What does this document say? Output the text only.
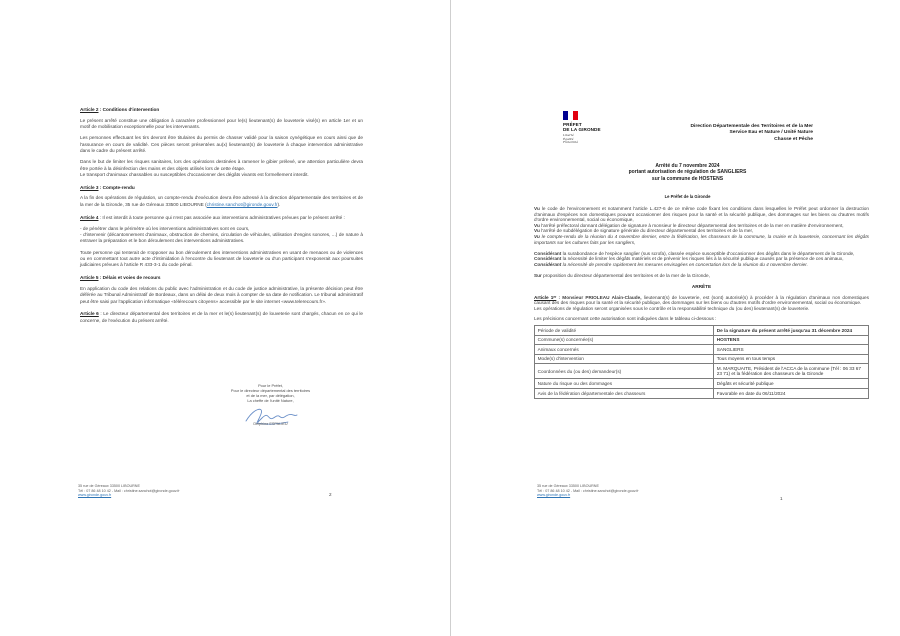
Article 2 : Conditions d'intervention

Le présent arrêté constitue une obligation à caractère professionnel pour le(s) lieutenant(s) de louveterie visé(s) en article 1er et un motif de mobilisation exceptionnelle pour les intervenants.

Les personnes effectuant les tirs devront être titulaires du permis de chasser validé pour la saison cynégétique en cours ainsi que de l'assurance en cours de validité. Ces pièces seront présentées au(x) lieutenant(s) de louveterie à chaque intervention administrative dans le cadre du présent arrêté.

Dans le but de limiter les risques sanitaires, lors des opérations destinées à ramener le gibier prélevé, une attention particulière devra être portée à la désinfection des mains et des objets utilisés lors de cette étape.

Le transport d'animaux chassables ou susceptibles d'occasionner des dégâts vivants est formellement interdit.

Article 3 : Compte-rendu

A la fin des opérations de régulation, un compte-rendu d'exécution devra être adressé à la direction départementale des territoires et de la mer de la Gironde, 35 rue de Géreaux 33500 LIBOURNE (christine.sanchot@gironde.gouv.fr).

Article 4 : Il est interdit à toute personne qui n'est pas associée aux interventions administratives prévues par le présent arrêté :

- de pénétrer dans le périmètre où les interventions administratives sont en cours,

- d'intervenir (décantonnement d'animaux, obstruction de chemins, circulation de véhicules, utilisation d'engins sonores, ...) de nature à entraver la préparation et le bon déroulement des interventions administratives.

Toute personne qui tenterait de s'opposer au bon déroulement des interventions administratives en usant de menaces ou de violences ou en commettant tout autre acte d'intimidation à l'encontre du lieutenant de louveterie ou d'un participant s'exposerait aux poursuites judiciaires prévues à l'article R 433-3-1 du code pénal.

Article 5 : Délais et voies de recours

En application du code des relations du public avec l'administration et du code de justice administrative, la présente décision peut être déférée au Tribunal Administratif de Bordeaux, dans un délai de deux mois à compter de sa date de notification. Le tribunal administratif peut être saisi par l'application informatique «télérecours citoyens» accessible par le site internet «www.telerecours.fr».

Article 6 : Le directeur départemental des territoires et de la mer et le(s) lieutenant(s) de louveterie sont chargés, chacun en ce qui le concerne, de l'exécution du présent arrêté.

Pour le Préfet,
Pour le directeur départemental des territoires
et de la mer, par délégation,
La cheffe de l'unité Nature,
Delphine ESPALIEU
35 rue de Géreaux 33500 LIBOURNE
Tél : 07 86 48 10 42 - Mail : christine.sanchot@gironde.gouv.fr
www.gironde.gouv.fr	2
PRÉFET
DE LA GIRONDE
Liberté
Égalité
Fraternité
Direction Départementale des Territoires et de la Mer
Service Eau et Nature / Unité Nature
Chasse et Pêche
Arrêté du 7 novembre 2024
portant autorisation de régulation de SANGLIERS
sur la commune de HOSTENS
Le Préfet de la Gironde

Vu le code de l'environnement et notamment l'article L.427-6 de ce même code fixant les conditions dans lesquelles le Préfet peut ordonner la destruction d'animaux d'espèces non domestiques pouvant occasionner des risques pour la santé et la sécurité publique, des dommages sur les biens ou d'autres motifs d'ordre environnemental, social ou économique,

Vu l'arrêté préfectoral donnant délégation de signature à monsieur le directeur départemental des territoires et de la mer en matière d'environnement,

Vu l'arrêté de subdélégation de signature générale du directeur départemental des territoires et de la mer,

Vu le compte-rendu de la réunion du 4 novembre dernier, entre la fédération, les chasseurs de la commune, la mairie et la louveterie, concernant les dégâts importants sur les cultures faits par les sangliers,

Considérant la surabondance de l'espèce sanglier (sus scrofa), classée espèce susceptible d'occasionner des dégâts dans le département de la Gironde,

Considérant la nécessité de limiter les dégâts matériels et de prévenir les risques liés à la sécurité publique causés par la présence de ces animaux,

Considérant la nécessité de prendre rapidement les mesures envisagées en concertation lors de la réunion du 4 novembre dernier.

Sur proposition du directeur départemental des territoires et de la mer de la Gironde,

ARRÊTE

Article 1ᵉʳ : Monsieur PRIOLEAU Alain-Claude, lieutenant(s) de louveterie, est (sont) autorisé(s) à procéder à la régulation d'animaux non domestiques causant des des risques pour la santé et la sécurité publique, des dommages sur les biens ou d'autres motifs d'ordre environnemental, social ou économique.

Les opérations de régulation seront organisées sous le contrôle et la responsabilité technique du (ou des) lieutenant(s) de louveterie.

Les précisions concernant cette autorisation sont indiquées dans le tableau ci-dessous :

Période de validité	De la signature du présent arrêté jusqu'au 31 décembre 2024
Commune(s) concernée(s)	HOSTENS
Animaux concernés	SANGLIERS
Mode(s) d'intervention	Tous moyens en tous temps
Coordonnées du (ou des) demandeur(s)	M. MARQUAITE, Président de l'ACCA de la commune (Tél : 06 33 67 23 71) et la fédération des chasseurs de la Gironde
Nature du risque ou des dommages	Dégâts et sécurité publique
Avis de la fédération départementale des chasseurs	Favorable en date du 06/11/2024
35 rue de Géreaux 33500 LIBOURNE
Tél : 07 86 48 10 42 - Mail : christine.sanchot@gironde.gouv.fr
www.gironde.gouv.fr
1
